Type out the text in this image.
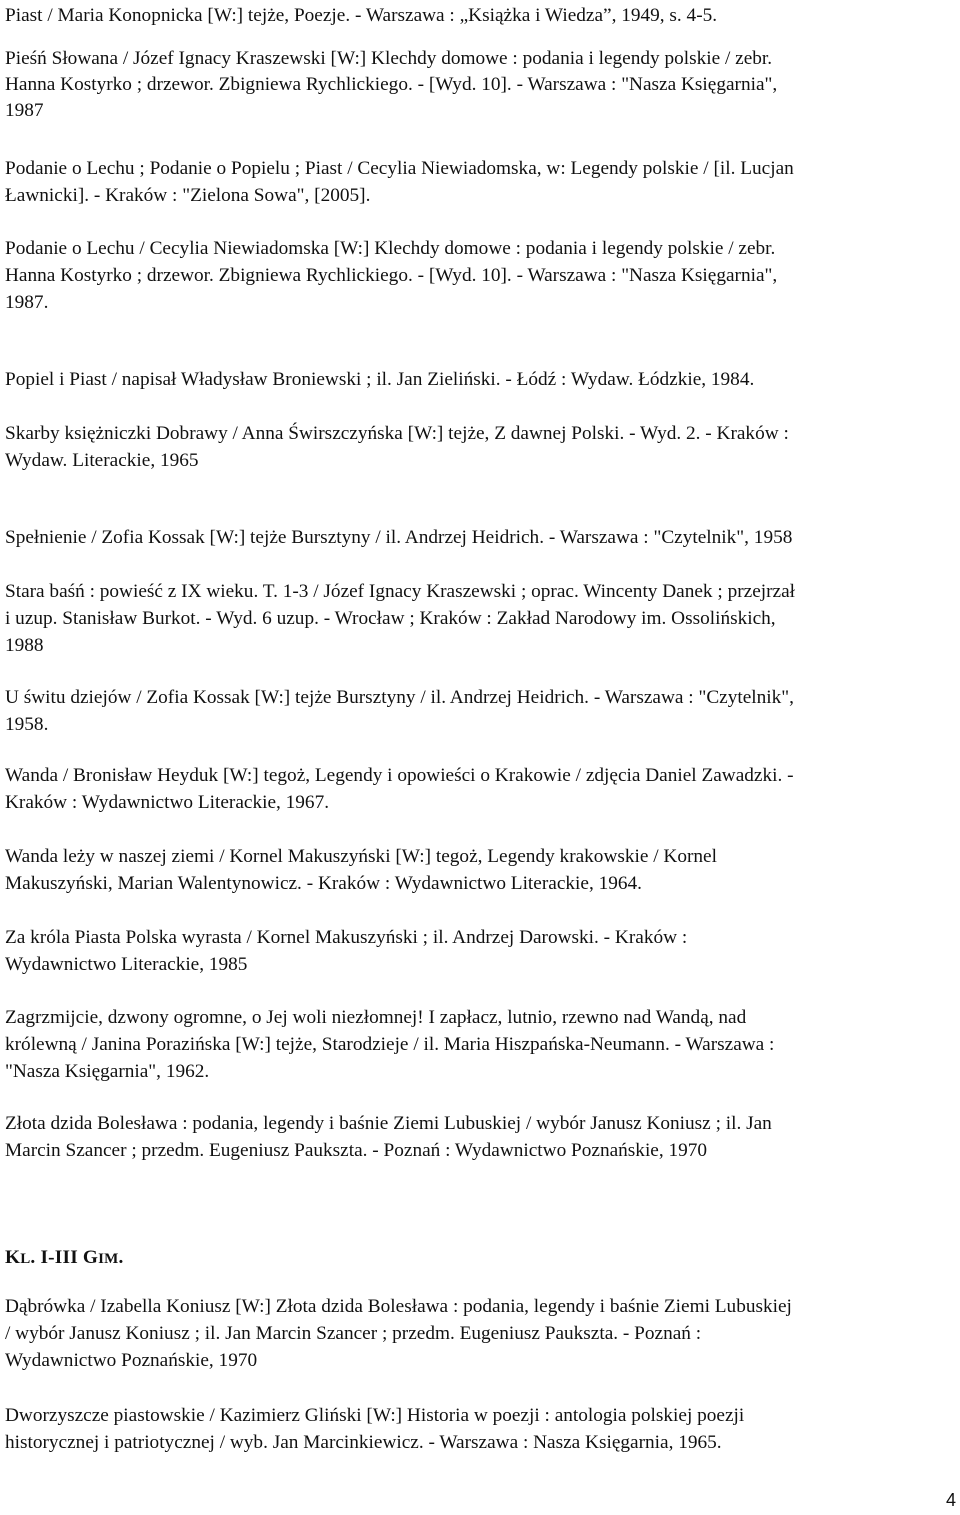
Piast / Maria Konopnicka [W:] tejże, Poezje. - Warszawa : „Książka i Wiedza”, 1949, s. 4-5.
Pieśń Słowana / Józef Ignacy Kraszewski [W:] Klechdy domowe : podania i legendy polskie / zebr.
Hanna Kostyrko ; drzewor. Zbigniewa Rychlickiego. - [Wyd. 10]. - Warszawa : "Nasza Księgarnia",
1987
Podanie o Lechu ; Podanie o Popielu ; Piast / Cecylia Niewiadomska, w: Legendy polskie / [il. Lucjan
Ławnicki]. - Kraków : "Zielona Sowa", [2005].
Podanie o Lechu / Cecylia Niewiadomska [W:] Klechdy domowe : podania i legendy polskie / zebr.
Hanna Kostyrko ; drzewor. Zbigniewa Rychlickiego. - [Wyd. 10]. - Warszawa : "Nasza Księgarnia",
1987.
Popiel i Piast / napisał Władysław Broniewski ; il. Jan Zieliński. - Łódź : Wydaw. Łódzkie, 1984.
Skarby księżniczki Dobrawy / Anna Świrszczyńska [W:] tejże, Z dawnej Polski. - Wyd. 2. - Kraków :
Wydaw. Literackie, 1965
Spełnienie / Zofia Kossak [W:] tejże Bursztyny / il. Andrzej Heidrich. - Warszawa : "Czytelnik", 1958
Stara baśń : powieść z IX wieku. T. 1-3 / Józef Ignacy Kraszewski ; oprac. Wincenty Danek ; przejrzał
i uzup. Stanisław Burkot. - Wyd. 6 uzup. - Wrocław ; Kraków : Zakład Narodowy im. Ossolińskich,
1988
U świtu dziejów / Zofia Kossak [W:] tejże Bursztyny / il. Andrzej Heidrich. - Warszawa : "Czytelnik",
1958.
Wanda / Bronisław Heyduk [W:] tegoż, Legendy i opowieści o Krakowie / zdjęcia Daniel Zawadzki. -
Kraków : Wydawnictwo Literackie, 1967.
Wanda leży w naszej ziemi / Kornel Makuszyński [W:] tegoż, Legendy krakowskie / Kornel
Makuszyński, Marian Walentynowicz. - Kraków : Wydawnictwo Literackie, 1964.
Za króla Piasta Polska wyrasta / Kornel Makuszyński ; il. Andrzej Darowski. - Kraków :
Wydawnictwo Literackie, 1985
Zagrzmijcie, dzwony ogromne, o Jej woli niezłomnej! I zapłacz, lutnio, rzewno nad Wandą, nad
królewną / Janina Porazińska [W:] tejże, Starodzieje / il. Maria Hiszpańska-Neumann. - Warszawa :
"Nasza Księgarnia", 1962.
Złota dzida Bolesława : podania, legendy i baśnie Ziemi Lubuskiej / wybór Janusz Koniusz ; il. Jan
Marcin Szancer ; przedm. Eugeniusz Paukszta. - Poznań : Wydawnictwo Poznańskie, 1970
KL. I-III GIM.
Dąbrówka / Izabella Koniusz [W:] Złota dzida Bolesława : podania, legendy i baśnie Ziemi Lubuskiej
/ wybór Janusz Koniusz ; il. Jan Marcin Szancer ; przedm. Eugeniusz Paukszta. - Poznań :
Wydawnictwo Poznańskie, 1970
Dworzyszcze piastowskie / Kazimierz Gliński [W:] Historia w poezji : antologia polskiej poezji
historycznej i patriotycznej / wyb. Jan Marcinkiewicz. - Warszawa : Nasza Księgarnia, 1965.
4
